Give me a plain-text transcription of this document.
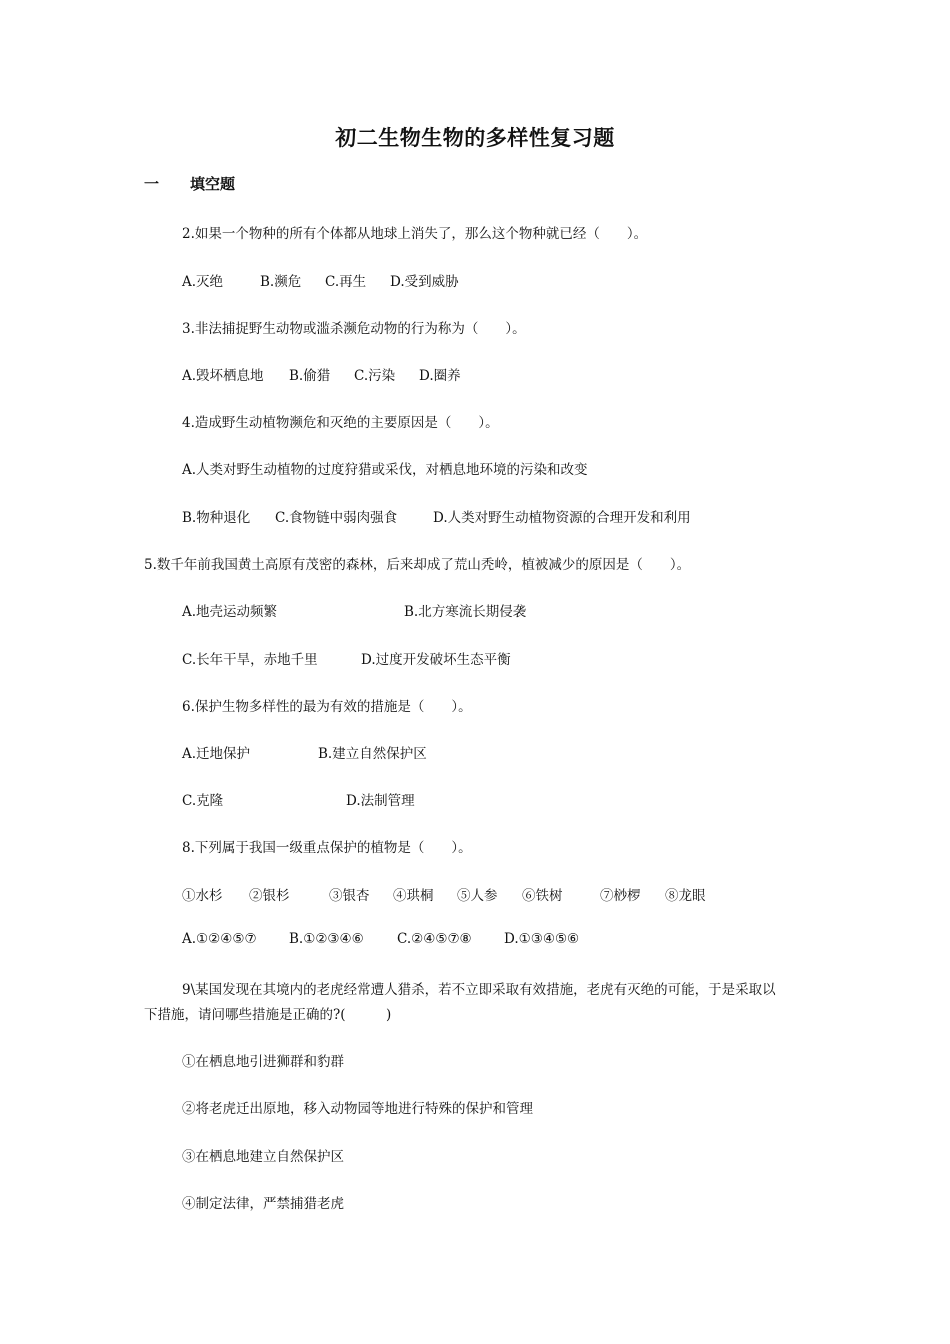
初二生物生物的多样性复习题
一 填空题
2.如果一个物种的所有个体都从地球上消失了，那么这个物种就已经（　　）。
A.灭绝	B.濒危 C.再生 D.受到威胁
3.非法捕捉野生动物或滥杀濒危动物的行为称为（　　）。
A.毁坏栖息地 B.偷猎 C.污染 D.圈养
4.造成野生动植物濒危和灭绝的主要原因是（　　）。
A.人类对野生动植物的过度狩猎或采伐，对栖息地环境的污染和改变
B.物种退化 C.食物链中弱肉强食	D.人类对野生动植物资源的合理开发和利用
5.数千年前我国黄土高原有茂密的森林，后来却成了荒山秃岭，植被减少的原因是（　　）。
A.地壳运动频繁	B.北方寒流长期侵袭
C.长年干旱，赤地千里	D.过度开发破坏生态平衡
6.保护生物多样性的最为有效的措施是（　　）。
A.迁地保护	B.建立自然保护区
C.克隆	D.法制管理
8.下列属于我国一级重点保护的植物是（　　）。
①水杉 ②银杉	③银杏 ④珙桐 ⑤人参 ⑥铁树	⑦桫椤 ⑧龙眼
A.①②④⑤⑦ B.①②③④⑥ C.②④⑤⑦⑧ D.①③④⑤⑥
9\某国发现在其境内的老虎经常遭人猎杀，若不立即采取有效措施，老虎有灭绝的可能，于是采取以
下措施，请问哪些措施是正确的?(　　　)
①在栖息地引进狮群和豹群
②将老虎迁出原地，移入动物园等地进行特殊的保护和管理
③在栖息地建立自然保护区
④制定法律，严禁捕猎老虎
